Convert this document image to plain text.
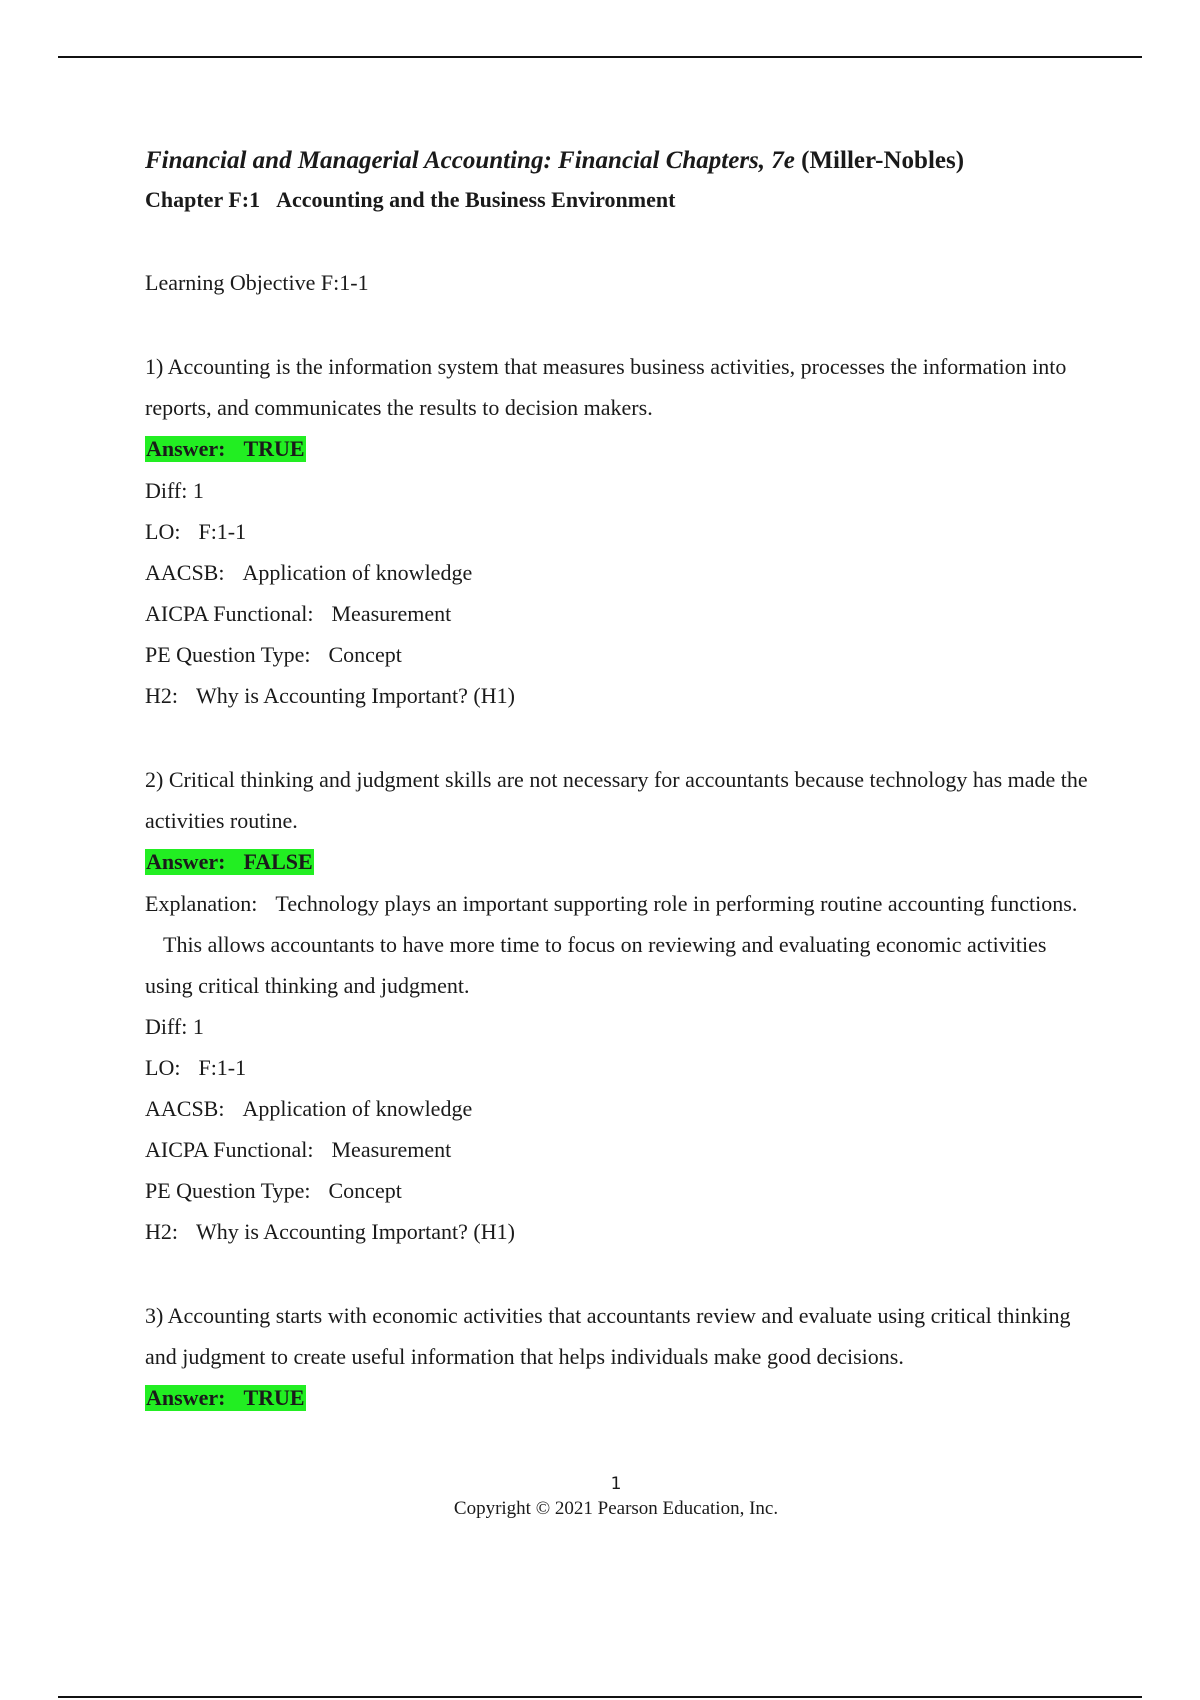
Financial and Managerial Accounting: Financial Chapters, 7e (Miller-Nobles)

Chapter F:1 Accounting and the Business Environment

Learning Objective F:1-1

1) Accounting is the information system that measures business activities, processes the information into reports, and communicates the results to decision makers.

Answer: TRUE

Diff: 1

LO: F:1-1

AACSB: Application of knowledge

AICPA Functional: Measurement

PE Question Type: Concept

H2: Why is Accounting Important? (H1)

2) Critical thinking and judgment skills are not necessary for accountants because technology has made the activities routine.

Answer: FALSE

Explanation: Technology plays an important supporting role in performing routine accounting functions.This allows accountants to have more time to focus on reviewing and evaluating economic activities using critical thinking and judgment.

Diff: 1

LO: F:1-1

AACSB: Application of knowledge

AICPA Functional: Measurement

PE Question Type: Concept

H2: Why is Accounting Important? (H1)

3) Accounting starts with economic activities that accountants review and evaluate using critical thinking and judgment to create useful information that helps individuals make good decisions.

Answer: TRUE
1
Copyright © 2021 Pearson Education, Inc.
